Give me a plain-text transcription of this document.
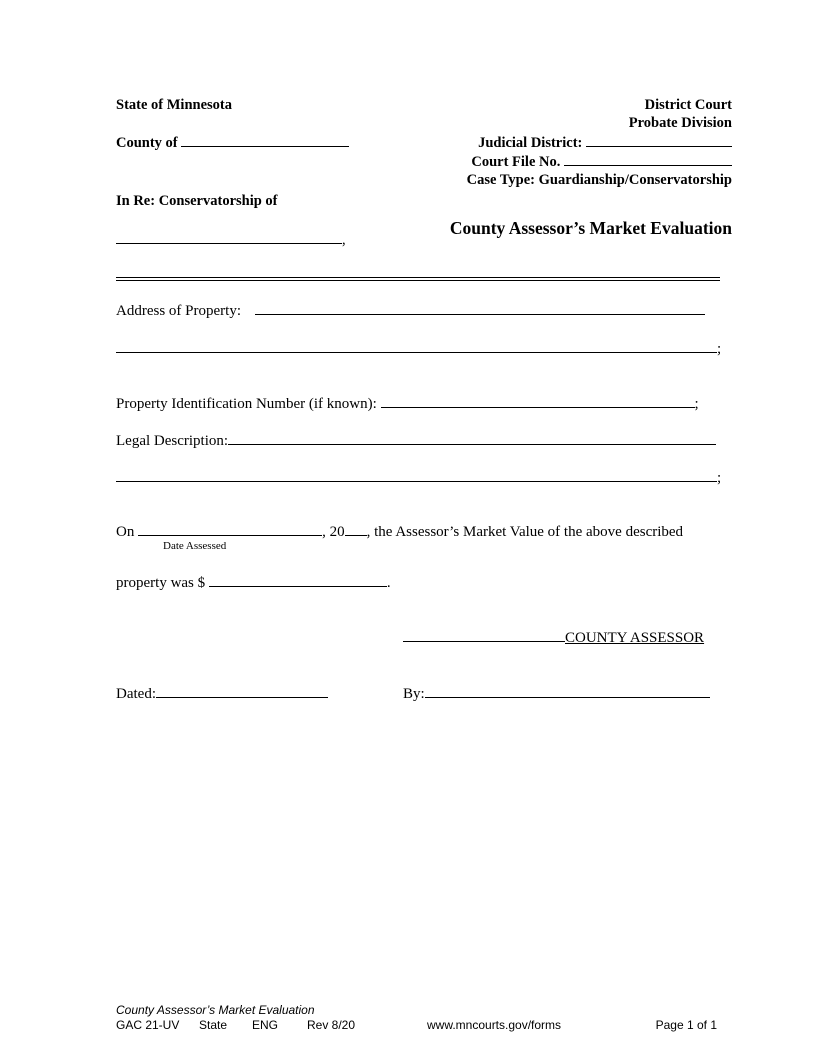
State of Minnesota
County of
In Re: Conservatorship of
,
District Court
Probate Division
Judicial District:
Court File No.
Case Type: Guardianship/Conservatorship
County Assessor’s Market Evaluation
Address of Property:
;
Property Identification Number (if known):	;
Legal Description:
;
On	, 20 , the Assessor’s Market Value of the above described
Date Assessed
property was $	.
COUNTY ASSESSOR
Dated:	By:
County Assessor’s Market Evaluation
GAC 21-UV State ENG Rev 8/20	www.mncourts.gov/forms	Page 1 of 1
